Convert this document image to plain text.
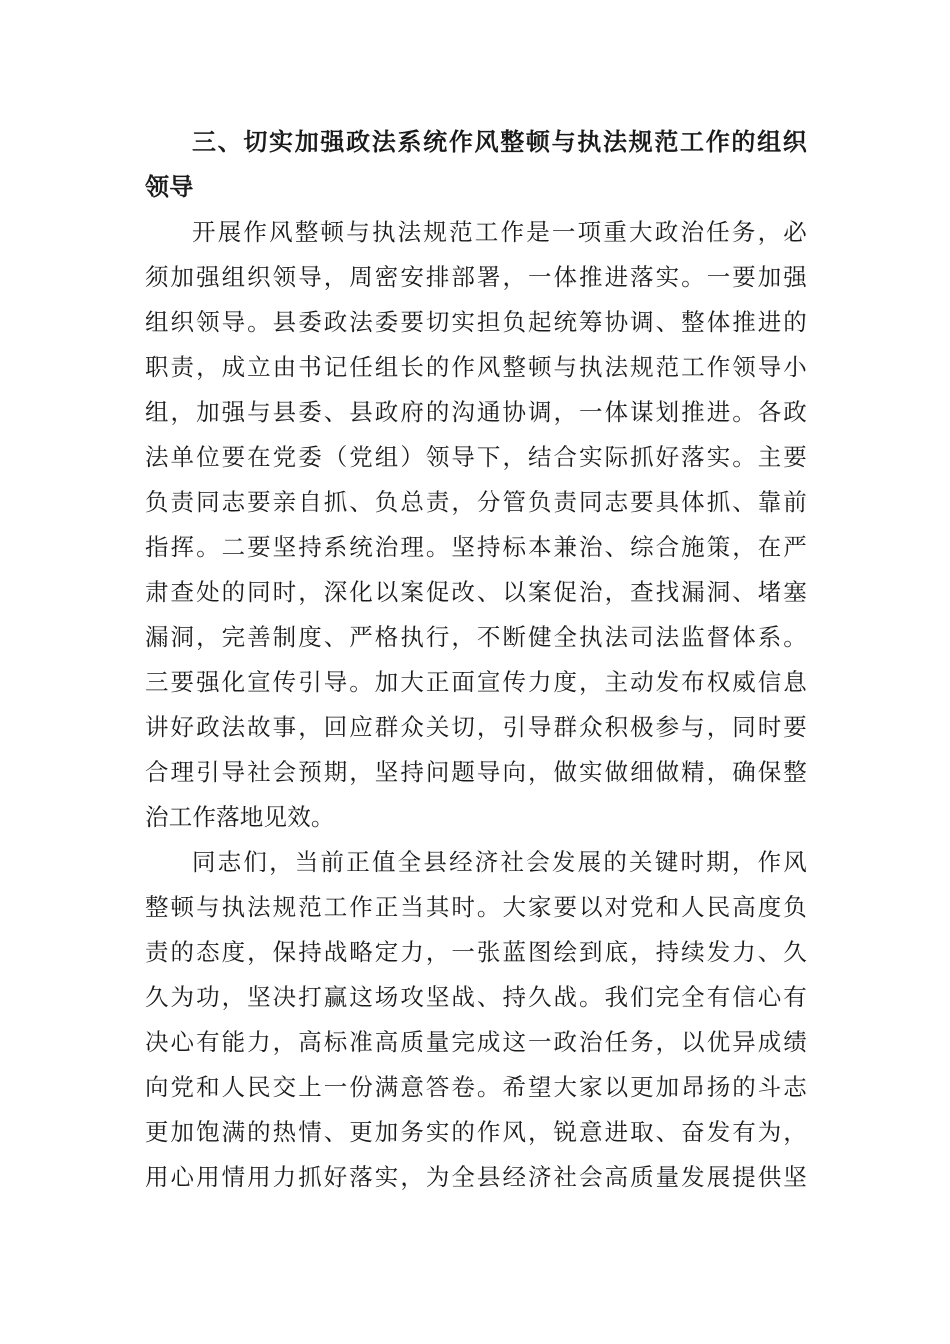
三、切实加强政法系统作风整顿与执法规范工作的组织
领导
开展作风整顿与执法规范工作是一项重大政治任务，必
须加强组织领导，周密安排部署，一体推进落实。一要加强
组织领导。县委政法委要切实担负起统筹协调、整体推进的
职责，成立由书记任组长的作风整顿与执法规范工作领导小
组，加强与县委、县政府的沟通协调，一体谋划推进。各政
法单位要在党委（党组）领导下，结合实际抓好落实。主要
负责同志要亲自抓、负总责，分管负责同志要具体抓、靠前
指挥。二要坚持系统治理。坚持标本兼治、综合施策，在严
肃查处的同时，深化以案促改、以案促治，查找漏洞、堵塞
漏洞，完善制度、严格执行，不断健全执法司法监督体系。
三要强化宣传引导。加大正面宣传力度，主动发布权威信息
讲好政法故事，回应群众关切，引导群众积极参与，同时要
合理引导社会预期，坚持问题导向，做实做细做精，确保整
治工作落地见效。
同志们，当前正值全县经济社会发展的关键时期，作风
整顿与执法规范工作正当其时。大家要以对党和人民高度负
责的态度，保持战略定力，一张蓝图绘到底，持续发力、久
久为功，坚决打赢这场攻坚战、持久战。我们完全有信心有
决心有能力，高标准高质量完成这一政治任务，以优异成绩
向党和人民交上一份满意答卷。希望大家以更加昂扬的斗志
更加饱满的热情、更加务实的作风，锐意进取、奋发有为，
用心用情用力抓好落实，为全县经济社会高质量发展提供坚
